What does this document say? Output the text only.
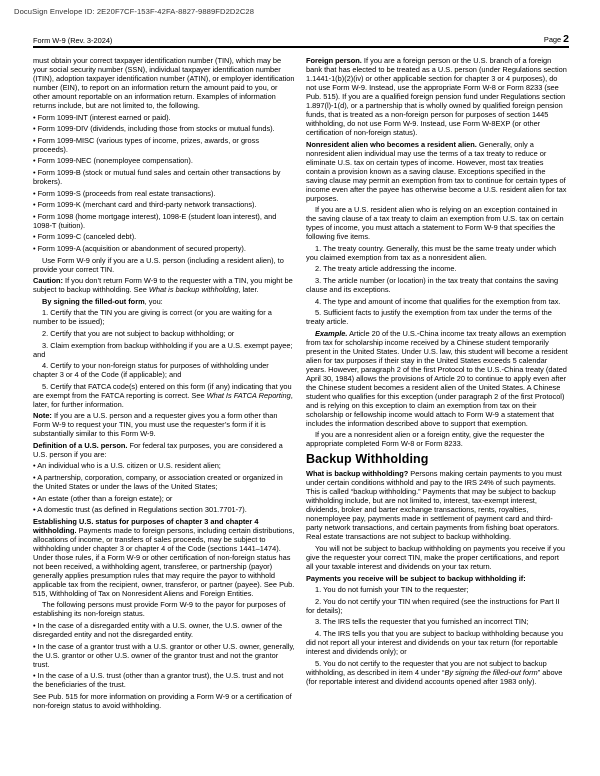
DocuSign Envelope ID: 2E20F7CF-153F-42FA-8827-9889FD2D2C28
Form W-9 (Rev. 3-2024)	Page 2

must obtain your correct taxpayer identification number (TIN), which may be your social security number (SSN), individual taxpayer identification number (ITIN), adoption taxpayer identification number (ATIN), or employer identification number (EIN), to report on an information return the amount paid to you, or other amount reportable on an information return. Examples of information returns include, but are not limited to, the following.

• Form 1099-INT (interest earned or paid).

• Form 1099-DIV (dividends, including those from stocks or mutual funds).

• Form 1099-MISC (various types of income, prizes, awards, or gross proceeds).

• Form 1099-NEC (nonemployee compensation).

• Form 1099-B (stock or mutual fund sales and certain other transactions by brokers).

• Form 1099-S (proceeds from real estate transactions).

• Form 1099-K (merchant card and third-party network transactions).

• Form 1098 (home mortgage interest), 1098-E (student loan interest), and 1098-T (tuition).

• Form 1099-C (canceled debt).

• Form 1099-A (acquisition or abandonment of secured property).

Use Form W-9 only if you are a U.S. person (including a resident alien), to provide your correct TIN.

Caution: If you don’t return Form W-9 to the requester with a TIN, you might be subject to backup withholding. See What is backup withholding, later.

By signing the filled-out form, you:

1. Certify that the TIN you are giving is correct (or you are waiting for a number to be issued);

2. Certify that you are not subject to backup withholding; or

3. Claim exemption from backup withholding if you are a U.S. exempt payee; and

4. Certify to your non-foreign status for purposes of withholding under chapter 3 or 4 of the Code (if applicable); and

5. Certify that FATCA code(s) entered on this form (if any) indicating that you are exempt from the FATCA reporting is correct. See What Is FATCA Reporting, later, for further information.

Note: If you are a U.S. person and a requester gives you a form other than Form W-9 to request your TIN, you must use the requester’s form if it is substantially similar to this Form W-9.

Definition of a U.S. person. For federal tax purposes, you are considered a U.S. person if you are:

• An individual who is a U.S. citizen or U.S. resident alien;

• A partnership, corporation, company, or association created or organized in the United States or under the laws of the United States;

• An estate (other than a foreign estate); or

• A domestic trust (as defined in Regulations section 301.7701-7).

Establishing U.S. status for purposes of chapter 3 and chapter 4 withholding. Payments made to foreign persons, including certain distributions, allocations of income, or transfers of sales proceeds, may be subject to withholding under chapter 3 or chapter 4 of the Code (sections 1441–1474). Under those rules, if a Form W-9 or other certification of non-foreign status has not been received, a withholding agent, transferee, or partnership (payor) generally applies presumption rules that may require the payor to withhold applicable tax from the recipient, owner, transferor, or partner (payee). See Pub. 515, Withholding of Tax on Nonresident Aliens and Foreign Entities.

The following persons must provide Form W-9 to the payor for purposes of establishing its non-foreign status.

• In the case of a disregarded entity with a U.S. owner, the U.S. owner of the disregarded entity and not the disregarded entity.

• In the case of a grantor trust with a U.S. grantor or other U.S. owner, generally, the U.S. grantor or other U.S. owner of the grantor trust and not the grantor trust.

• In the case of a U.S. trust (other than a grantor trust), the U.S. trust and not the beneficiaries of the trust.

See Pub. 515 for more information on providing a Form W-9 or a certification of non-foreign status to avoid withholding.

Foreign person. If you are a foreign person or the U.S. branch of a foreign bank that has elected to be treated as a U.S. person (under Regulations section 1.1441-1(b)(2)(iv) or other applicable section for chapter 3 or 4 purposes), do not use Form W-9. Instead, use the appropriate Form W-8 or Form 8233 (see Pub. 515). If you are a qualified foreign pension fund under Regulations section 1.897(l)-1(d), or a partnership that is wholly owned by qualified foreign pension funds, that is treated as a non-foreign person for purposes of section 1445 withholding, do not use Form W-9. Instead, use Form W-8EXP (or other certification of non-foreign status).

Nonresident alien who becomes a resident alien. Generally, only a nonresident alien individual may use the terms of a tax treaty to reduce or eliminate U.S. tax on certain types of income. However, most tax treaties contain a provision known as a saving clause. Exceptions specified in the saving clause may permit an exemption from tax to continue for certain types of income even after the payee has otherwise become a U.S. resident alien for tax purposes.

If you are a U.S. resident alien who is relying on an exception contained in the saving clause of a tax treaty to claim an exemption from U.S. tax on certain types of income, you must attach a statement to Form W-9 that specifies the following five items.

1. The treaty country. Generally, this must be the same treaty under which you claimed exemption from tax as a nonresident alien.

2. The treaty article addressing the income.

3. The article number (or location) in the tax treaty that contains the saving clause and its exceptions.

4. The type and amount of income that qualifies for the exemption from tax.

5. Sufficient facts to justify the exemption from tax under the terms of the treaty article.

Example. Article 20 of the U.S.-China income tax treaty allows an exemption from tax for scholarship income received by a Chinese student temporarily present in the United States. Under U.S. law, this student will become a resident alien for tax purposes if their stay in the United States exceeds 5 calendar years. However, paragraph 2 of the first Protocol to the U.S.-China treaty (dated April 30, 1984) allows the provisions of Article 20 to continue to apply even after the Chinese student becomes a resident alien of the United States. A Chinese student who qualifies for this exception (under paragraph 2 of the first Protocol) and is relying on this exception to claim an exemption from tax on their scholarship or fellowship income would attach to Form W-9 a statement that includes the information described above to support that exemption.

If you are a nonresident alien or a foreign entity, give the requester the appropriate completed Form W-8 or Form 8233.

Backup Withholding

What is backup withholding? Persons making certain payments to you must under certain conditions withhold and pay to the IRS 24% of such payments. This is called “backup withholding.” Payments that may be subject to backup withholding include, but are not limited to, interest, tax-exempt interest, dividends, broker and barter exchange transactions, rents, royalties, nonemployee pay, payments made in settlement of payment card and third-party network transactions, and certain payments from fishing boat operators. Real estate transactions are not subject to backup withholding.

You will not be subject to backup withholding on payments you receive if you give the requester your correct TIN, make the proper certifications, and report all your taxable interest and dividends on your tax return.

Payments you receive will be subject to backup withholding if:

1. You do not furnish your TIN to the requester;

2. You do not certify your TIN when required (see the instructions for Part II for details);

3. The IRS tells the requester that you furnished an incorrect TIN;

4. The IRS tells you that you are subject to backup withholding because you did not report all your interest and dividends on your tax return (for reportable interest and dividends only); or

5. You do not certify to the requester that you are not subject to backup withholding, as described in item 4 under “By signing the filled-out form” above (for reportable interest and dividend accounts opened after 1983 only).
